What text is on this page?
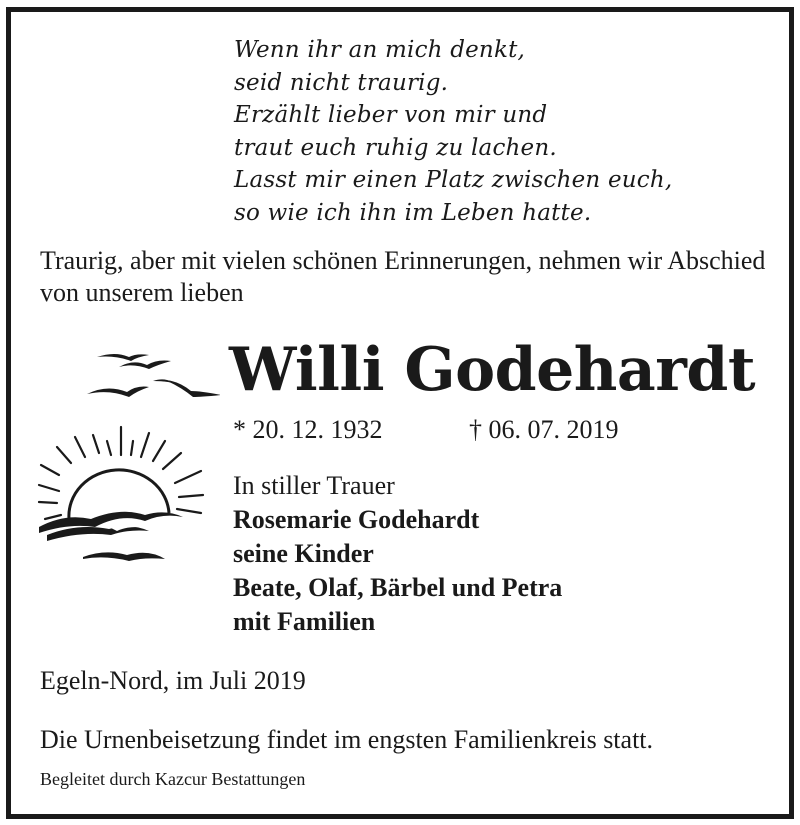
Wenn ihr an mich denkt,
seid nicht traurig.
Erzählt lieber von mir und
traut euch ruhig zu lachen.
Lasst mir einen Platz zwischen euch,
so wie ich ihn im Leben hatte.
Traurig, aber mit vielen schönen Erinnerungen, nehmen wir Abschied von unserem lieben
Willi Godehardt
* 20. 12. 1932	† 06. 07. 2019
In stiller Trauer
Rosemarie Godehardt
seine Kinder
Beate, Olaf, Bärbel und Petra
mit Familien
Egeln-Nord, im Juli 2019
Die Urnenbeisetzung findet im engsten Familienkreis statt.
Begleitet durch Kazcur Bestattungen
